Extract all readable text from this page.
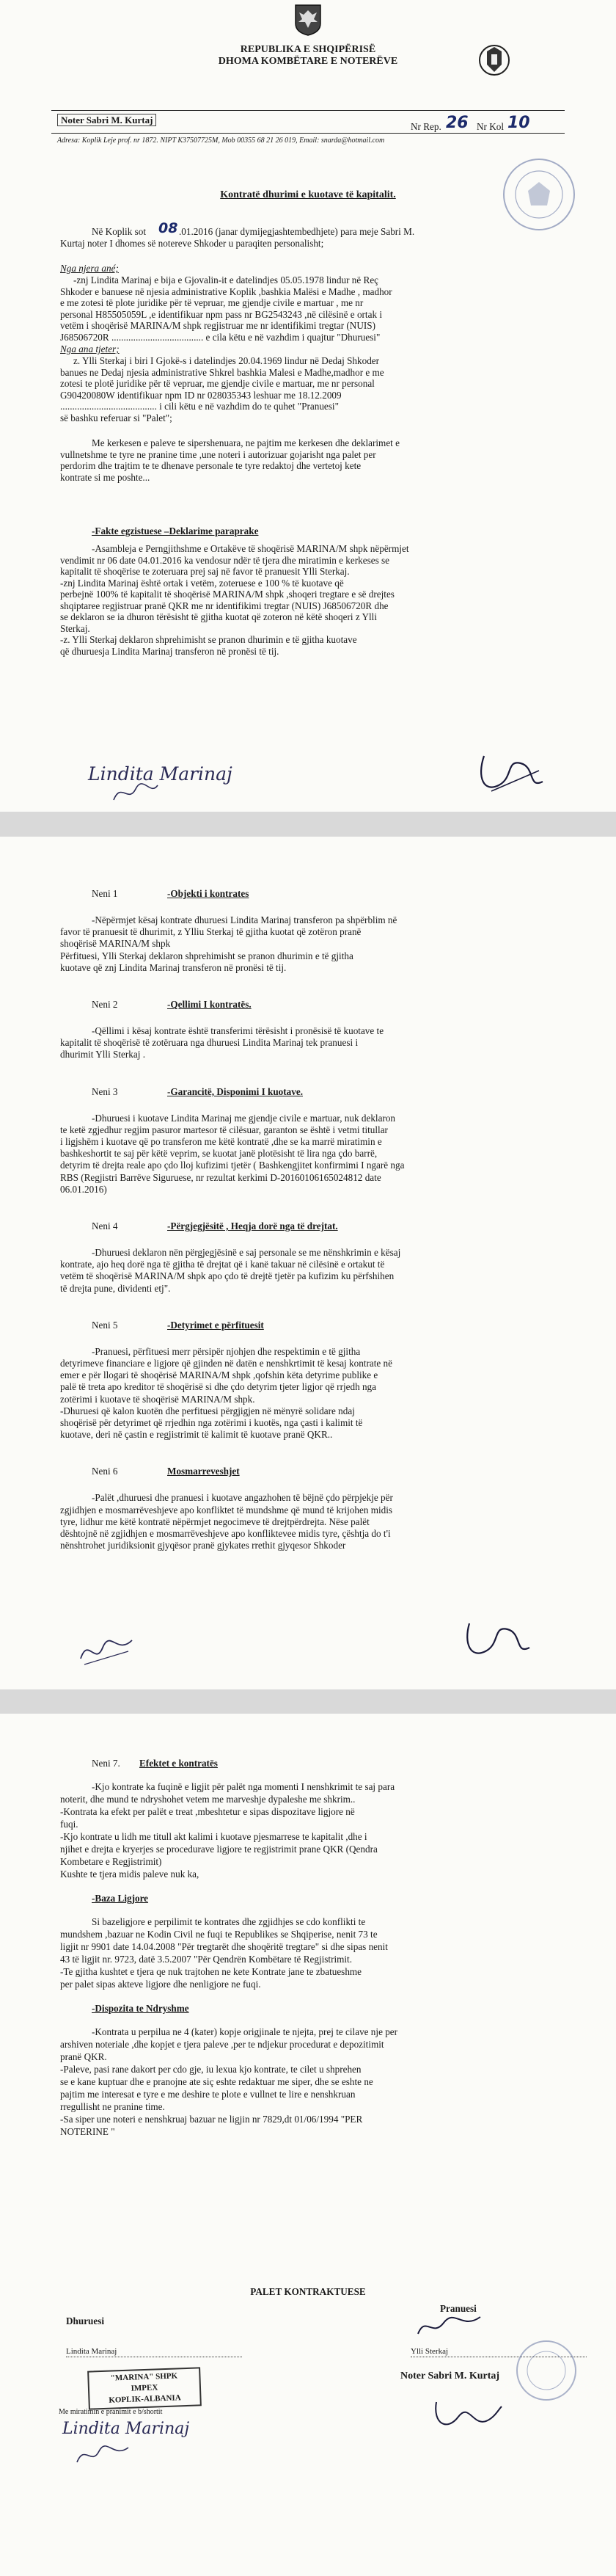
REPUBLIKA E SHQIPËRISË
DHOMA KOMBËTARE E NOTERËVE
Noter Sabri M. Kurtaj
Nr Rep. 26 Nr Kol 10
Adresa: Koplik Leje prof. nr 1872. NIPT K37507725M, Mob 00355 68 21 26 019, Email: snarda@hotmail.com
Kontratë dhurimi e kuotave të kapitalit.
Në Koplik sot 08 .01.2016 (janar dymijegjashtembedhjete) para meje Sabri M.
Kurtaj noter I dhomes së notereve Shkoder u paraqiten personalisht;
Nga njera ané;
Nga ana tjeter;
-Fakte egzistuese –Deklarime paraprake
Lindita Marinaj
-znj Lindita Marinaj e bija e Gjovalin-it e datelindjes 05.05.1978 lindur në Reç
Shkoder e banuese në njesia administrative Koplik ,bashkia Malësi e Madhe , madhor
e me zotesi të plote juridike për të vepruar, me gjendje civile e martuar , me nr
personal H85505059L ,e identifikuar npm pass nr BG2543243 ,në cilësinë e ortak i
vetëm i shoqërisë MARINA/M shpk regjistruar me nr identifikimi tregtar (NUIS)
J68506720R ...................................... e cila këtu e në vazhdim i quajtur "Dhuruesi"
z. Ylli Sterkaj i biri I Gjokë-s i datelindjes 20.04.1969 lindur në Dedaj Shkoder
banues ne Dedaj njesia administrative Shkrel bashkia Malesi e Madhe,madhor e me
zotesi te plotë juridike për të vepruar, me gjendje civile e martuar, me nr personal
G90420080W identifikuar npm ID nr 028035343 leshuar me 18.12.2009
........................................ i cili këtu e në vazhdim do te quhet "Pranuesi"
së bashku referuar si "Palet";
Me kerkesen e paleve te sipershenuara, ne pajtim me kerkesen dhe deklarimet e
vullnetshme te tyre ne pranine time ,une noteri i autorizuar gojarisht nga palet per
perdorim dhe trajtim te te dhenave personale te tyre redaktoj dhe vertetoj kete
kontrate si me poshte...
-Asambleja e Perngjithshme e Ortakëve të shoqërisë MARINA/M shpk nëpërmjet
vendimit nr 06 date 04.01.2016 ka vendosur ndër të tjera dhe miratimin e kerkeses se
kapitalit të shoqërise te zoteruara prej saj në favor të pranuesit Ylli Sterkaj.
-znj Lindita Marinaj është ortak i vetëm, zoteruese e 100 % të kuotave që
perbejnë 100% të kapitalit të shoqërisë MARINA/M shpk ,shoqeri tregtare e së drejtes
shqiptaree regjistruar pranë QKR me nr identifikimi tregtar (NUIS) J68506720R dhe
se deklaron se ia dhuron tërësisht të gjitha kuotat që zoteron në këtë shoqeri z Ylli
Sterkaj.
-z. Ylli Sterkaj deklaron shprehimisht se pranon dhurimin e të gjitha kuotave
që dhuruesja Lindita Marinaj transferon në pronësi të tij.
Neni 1	-Objekti i kontrates
-Nëpërmjet kësaj kontrate dhuruesi Lindita Marinaj transferon pa shpërblim në
favor të pranuesit të dhurimit, z Ylliu Sterkaj të gjitha kuotat që zotëron pranë
shoqërisë MARINA/M shpk
Përfituesi, Ylli Sterkaj deklaron shprehimisht se pranon dhurimin e të gjitha
kuotave që znj Lindita Marinaj transferon në pronësi të tij.
Neni 2	-Qellimi I kontratës.
-Qëllimi i kësaj kontrate është transferimi tërësisht i pronësisë të kuotave te
kapitalit të shoqërisë të zotëruara nga dhuruesi Lindita Marinaj tek pranuesi i
dhurimit Ylli Sterkaj .
Neni 3	-Garancitë, Disponimi I kuotave.
-Dhuruesi i kuotave Lindita Marinaj me gjendje civile e martuar, nuk deklaron
te ketë zgjedhur regjim pasuror martesor të cilësuar, garanton se është i vetmi titullar
i ligjshëm i kuotave që po transferon me këtë kontratë ,dhe se ka marrë miratimin e
bashkeshortit te saj për këtë veprim, se kuotat janë plotësisht të lira nga çdo barrë,
detyrim të drejta reale apo çdo lloj kufizimi tjetër ( Bashkengjitet konfirmimi I ngarë nga
RBS (Regjistri Barrëve Siguruese, nr rezultat kerkimi D-20160106165024812 date
06.01.2016)
Neni 4	-Përgjegjësitë , Heqja dorë nga të drejtat.
-Dhuruesi deklaron nën përgjegjësinë e saj personale se me nënshkrimin e kësaj
kontrate, ajo heq dorë nga të gjitha të drejtat që i kanë takuar në cilësinë e ortakut të
vetëm të shoqërisë MARINA/M shpk apo çdo të drejtë tjetër pa kufizim ku përfshihen
të drejta pune, dividenti etj".
Neni 5	-Detyrimet e përfituesit
-Pranuesi, përfituesi merr përsipër njohjen dhe respektimin e të gjitha
detyrimeve financiare e ligjore që gjinden në datën e nenshkrtimit të kesaj kontrate në
emer e për llogari të shoqërisë MARINA/M shpk ,qofshin këta detyrime publike e
palë të treta apo kreditor të shoqërisë si dhe çdo detyrim tjeter ligjor që rrjedh nga
zotërimi i kuotave të shoqërisë MARINA/M shpk.
-Dhuruesi që kalon kuotën dhe perfituesi përgjigjen në mënyrë solidare ndaj
shoqërisë për detyrimet që rrjedhin nga zotërimi i kuotës, nga çasti i kalimit të
kuotave, deri në çastin e regjistrimit të kalimit të kuotave pranë QKR..
Neni 6	Mosmarreveshjet
-Palët ,dhuruesi dhe pranuesi i kuotave angazhohen të bëjnë çdo përpjekje për
zgjidhjen e mosmarrëveshjeve apo konfliktet të mundshme që mund të krijohen midis
tyre, lidhur me këtë kontratë nëpërmjet negocimeve të drejtpërdrejta. Nëse palët
dështojnë në zgjidhjen e mosmarrëveshjeve apo konfliktevee midis tyre, çështja do t'i
nënshtrohet juridiksionit gjyqësor pranë gjykates rrethit gjyqesor Shkoder
PALET KONTRAKTUESE
Dhuruesi
Pranuesi
Lindita Marinaj	Ylli Sterkaj
"MARINA" SHPK
IMPEX
KOPLIK-ALBANIA
Me miratimin e pranimit e b/shortit
Lindita Marinaj
Noter Sabri M. Kurtaj
Neni 7. Efektet e kontratës
-Kjo kontrate ka fuqinë e ligjit për palët nga momenti I nenshkrimit te saj para
noterit, dhe mund te ndryshohet vetem me marveshje dypaleshe me shkrim..
-Kontrata ka efekt per palët e treat ,mbeshtetur e sipas dispozitave ligjore në
fuqi.
-Kjo kontrate u lidh me titull akt kalimi i kuotave pjesmarrese te kapitalit ,dhe i
njihet e drejta e kryerjes se procedurave ligjore te regjistrimit prane QKR (Qendra
Kombetare e Regjistrimit)
Kushte te tjera midis paleve nuk ka,
-Baza Ligjore
Si bazeligjore e perpilimit te kontrates dhe zgjidhjes se cdo konflikti te
mundshem ,bazuar ne Kodin Civil ne fuqi te Republikes se Shqiperise, nenit 73 te
ligjit nr 9901 date 14.04.2008 "Për tregtarët dhe shoqëritë tregtare" si dhe sipas nenit
43 të ligjit nr. 9723, datë 3.5.2007 "Për Qendrën Kombëtare të Regjistrimit.
-Te gjitha kushtet e tjera qe nuk trajtohen ne kete Kontrate jane te zbatueshme
per palet sipas akteve ligjore dhe nenligjore ne fuqi.
-Dispozita te Ndryshme
-Kontrata u perpilua ne 4 (kater) kopje origjinale te njejta, prej te cilave nje per
arshiven noteriale ,dhe kopjet e tjera paleve ,per te ndjekur procedurat e depozitimit
pranë QKR.
-Paleve, pasi rane dakort per cdo gje, iu lexua kjo kontrate, te cilet u shprehen
se e kane kuptuar dhe e pranojne ate siç eshte redaktuar me siper, dhe se eshte ne
pajtim me interesat e tyre e me deshire te plote e vullnet te lire e nenshkruan
rregullisht ne pranine time.
-Sa siper une noteri e nenshkruaj bazuar ne ligjin nr 7829,dt 01/06/1994 "PER
NOTERINE "
